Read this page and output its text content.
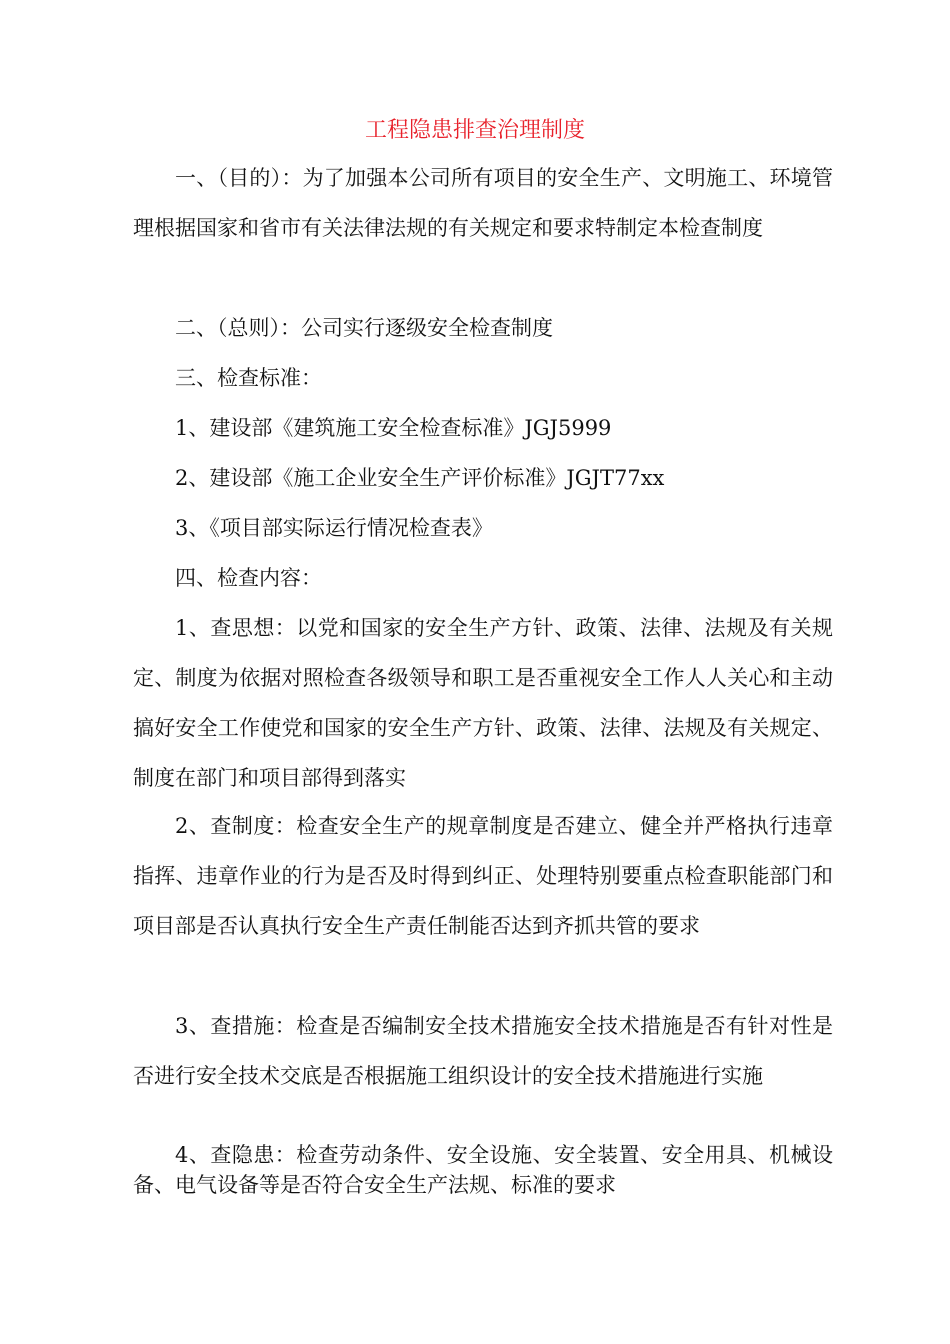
工程隐患排查治理制度

一、（目的）：为了加强本公司所有项目的安全生产、文明施工、环境管理根据国家和省市有关法律法规的有关规定和要求特制定本检查制度

二、（总则）：公司实行逐级安全检查制度

三、检查标准：

1、建设部《建筑施工安全检查标准》JGJ5999

2、建设部《施工企业安全生产评价标准》JGJT77xx

3、《项目部实际运行情况检查表》

四、检查内容：

1、查思想：以党和国家的安全生产方针、政策、法律、法规及有关规定、制度为依据对照检查各级领导和职工是否重视安全工作人人关心和主动搞好安全工作使党和国家的安全生产方针、政策、法律、法规及有关规定、制度在部门和项目部得到落实

2、查制度：检查安全生产的规章制度是否建立、健全并严格执行违章指挥、违章作业的行为是否及时得到纠正、处理特别要重点检查职能部门和项目部是否认真执行安全生产责任制能否达到齐抓共管的要求

3、查措施：检查是否编制安全技术措施安全技术措施是否有针对性是否进行安全技术交底是否根据施工组织设计的安全技术措施进行实施

4、查隐患：检查劳动条件、安全设施、安全装置、安全用具、机械设备、电气设备等是否符合安全生产法规、标准的要求
